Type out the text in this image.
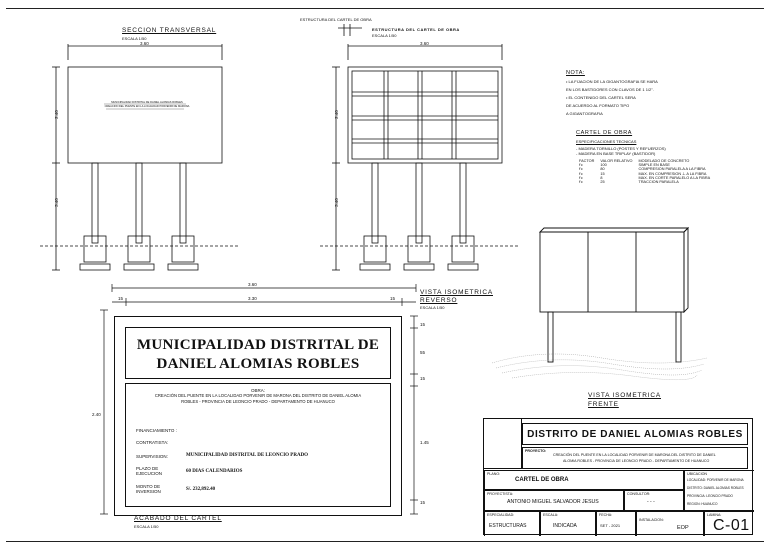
ESTRUCTURA DEL CARTEL DE OBRA
SECCION TRANSVERSAL
ESCALA 1/50
3.60
2.40
3.40
ESTRUCTURA DEL CARTEL DE OBRA
ESCALA 1/50
3.60
2.40
3.40
NOTA:
• LA FIJACION DE LA GIGANTOGRAFIA SE HARA
EN LOS BASTIDORES CON CLAVOS DE 1 1/2".
• EL CONTENIDO DEL CARTEL SERA
DE ACUERDO AL FORMATO TIPO
A GIGANTOGRAFIA
CARTEL DE OBRA
ESPECIFICACIONES TECNICAS
- MADERA TORNILLO (POSTES Y REFUERZOS)
- MADERA EN BASE TRIPLAY (BASTIDOR)
FACTOR	VALOR RELATIVO	MODELADO DE CONCRETO
f'c	100	SIMPLE EN BASE
f'c	80	COMPRESION PARALELA A LA FIBRA
f'c	15	MAX. EN COMPRESION ⊥ A LA FIBRA
f'c	8	MAX. EN CORTE PARALELO A LA FIBRA
f'c	25	TRACCION PARALELA
MUNICIPALIDAD DISTRITAL DE DANIEL ALOMIAS ROBLES
CREACION DEL PUENTE EN LA LOCALIDAD PORVENIR DE MARONA
VISTA ISOMETRICA
FRENTE
VISTA ISOMETRICA
REVERSO
ESCALA 1/50
3.60
3.30
15	15
2.40
15
55
15
1.45
15
MUNICIPALIDAD DISTRITAL DE
DANIEL ALOMIAS ROBLES
OBRA:
CREACIÓN DEL PUENTE EN LA LOCALIDAD PORVENIR DE MARONA DEL DISTRITO DE DANIEL ALOMIA
ROBLES - PROVINCIA DE LEONCIO PRADO - DEPARTAMENTO DE HUANUCO
FINANCIAMIENTO :
CONTRATISTA:
SUPERVISION:	MUNICIPALIDAD DISTRITAL DE LEONCIO PRADO
PLAZO DE EJECUCION	60 DIAS CALENDARIOS
MONTO DE INVERSION	S/. 232,892.40
ACABADO DEL CARTEL
ESCALA 1/50
DISTRITO DE DANIEL ALOMIAS ROBLES
PROYECTO:
CREACIÓN DEL PUENTE EN LA LOCALIDAD PORVENIR DE MARONA DEL DISTRITO DE DANIEL
ALOMIA ROBLES - PROVINCIA DE LEONCIO PRADO - DEPARTAMENTO DE HUANUCO
PLANO:
CARTEL DE OBRA
UBICACION
LOCALIDAD: PORVENIR DE MARONA
DISTRITO: DANIEL ALOMIAS ROBLES
PROVINCIA: LEONCIO PRADO
REGION: HUANUCO
PROYECTISTA:
ANTONIO MIGUEL SALVADOR JESUS
CONSULTOR:
- - -
ESPECIALIDAD:
ESTRUCTURAS
ESCALA:
INDICADA
FECHA:
SET - 2021
INSTALACION:
EOP
LAMINA:
C-01
